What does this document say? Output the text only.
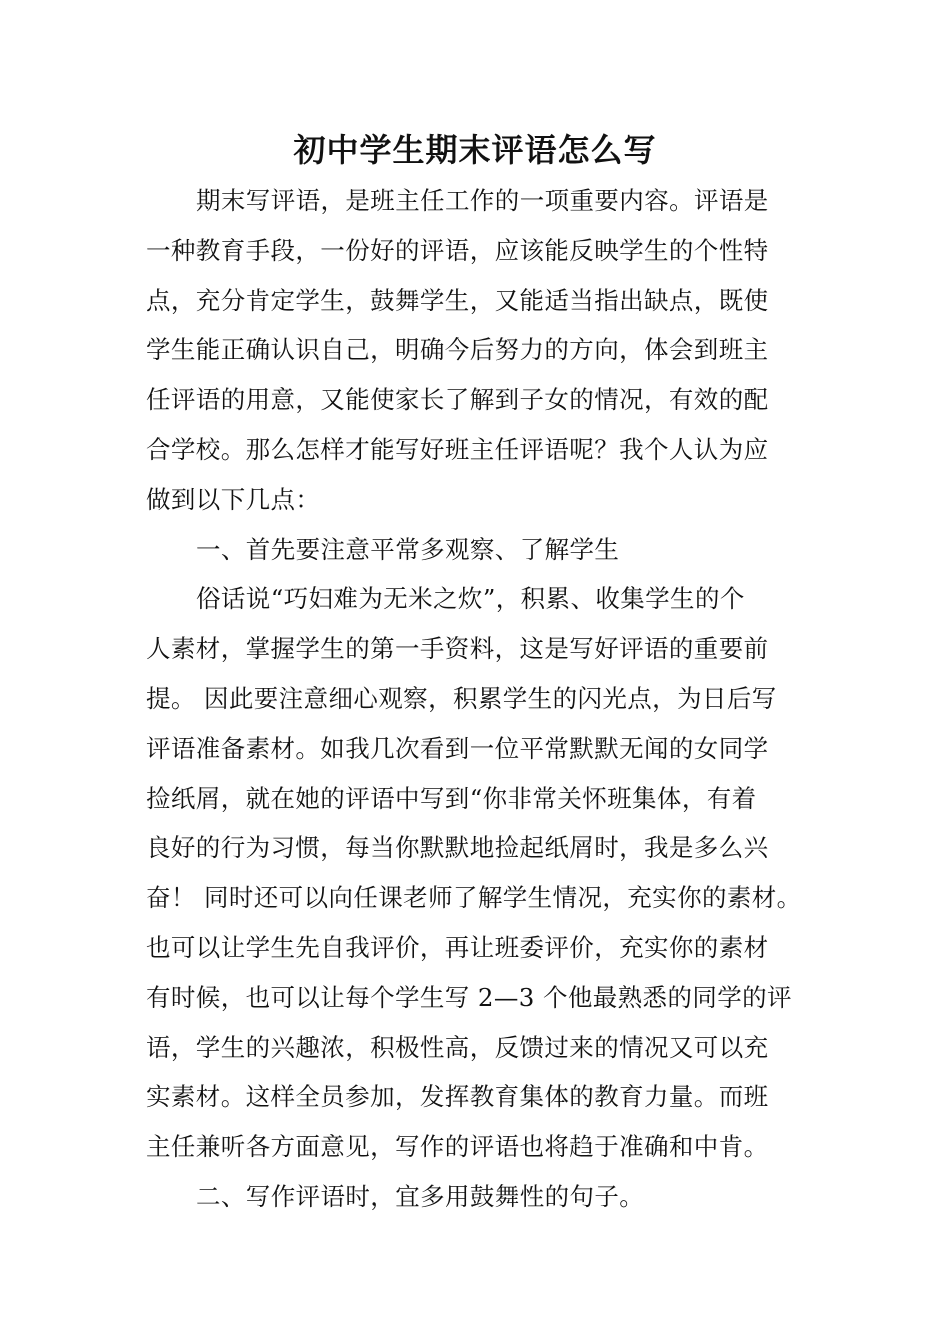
初中学生期末评语怎么写
期末写评语，是班主任工作的一项重要内容。评语是
一种教育手段，一份好的评语，应该能反映学生的个性特
点，充分肯定学生，鼓舞学生，又能适当指出缺点，既使
学生能正确认识自己，明确今后努力的方向，体会到班主
任评语的用意，又能使家长了解到子女的情况，有效的配
合学校。那么怎样才能写好班主任评语呢？我个人认为应
做到以下几点：
一、首先要注意平常多观察、了解学生
俗话说“巧妇难为无米之炊”，积累、收集学生的个
人素材，掌握学生的第一手资料，这是写好评语的重要前
提。 因此要注意细心观察，积累学生的闪光点，为日后写
评语准备素材。如我几次看到一位平常默默无闻的女同学
捡纸屑，就在她的评语中写到“你非常关怀班集体，有着
良好的行为习惯，每当你默默地捡起纸屑时，我是多么兴
奋！ 同时还可以向任课老师了解学生情况，充实你的素材。
也可以让学生先自我评价，再让班委评价，充实你的素材
有时候，也可以让每个学生写 2—3 个他最熟悉的同学的评
语，学生的兴趣浓，积极性高，反馈过来的情况又可以充
实素材。这样全员参加，发挥教育集体的教育力量。而班
主任兼听各方面意见，写作的评语也将趋于准确和中肯。
二、写作评语时，宜多用鼓舞性的句子。
